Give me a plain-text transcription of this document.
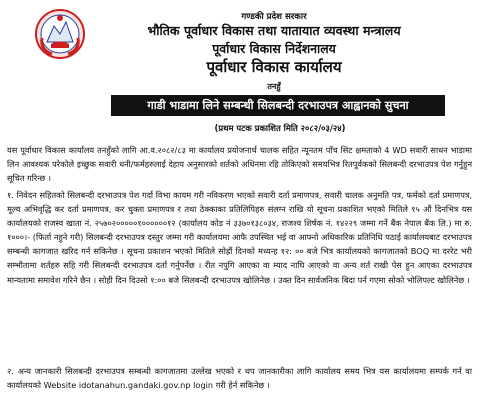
गण्डकी प्रदेश सरकार
भौतिक पूर्वाधार विकास तथा यातायात व्यवस्था मन्त्रालय
पूर्वाधार विकास निर्देशनालय
पूर्वाधार विकास कार्यालय
तनहुँ
गाडी भाडामा लिने सम्बन्धी सिलबन्दी दरभाउपत्र आह्वानको सुचना
(प्रथम पटक प्रकाशित मिति २०८२/०३/२४)
यस पूर्वाधार विकास कार्यालय तनहुँको लागि आ.व.२०८२/८३ मा कार्यालय प्रयोजनार्थ चालक सहित न्यूनतम पाँच सिट क्षमताको 4 WD सवारी साधन भाडामा लिन आवश्यक परेकोले इच्छुक सवारी धनी/फर्महरुलाई देहाय अनुसारको शर्तको अधिनमा रहि तोकिएको समयभित्र रितपूर्वकको सिलबन्दी दरभाउपत्र पेश गर्नुहुन सूचित गरिन्छ ।
१. निवेदन सहितको सिलबन्दी दरभाउपत्र पेश गर्दा विभा कायम गरी नविकरण भएको सवारी दर्ता प्रमाणपत्र, सवारी चालक अनुमति पत्र, फर्मको दर्ता प्रमाणपत्र, मूल्य अभिवृद्धि कर दर्ता प्रमाणपत्र, कर चुक्ता प्रमाणपत्र र तथा ठेक्काका प्रतिलिपिहरु संलग्न राखि यो सूचना प्रकाशित भएको मितिले १५ औं दिनभित्र यस कार्यालयको राजस्व खाता नं. २५७०२०००००१००००००१२ (कार्यालय कोड नं ३३७०१३८०३४, राजश्व शिर्षक नं. १४२२९ जम्मा गर्ने बैंक नेपाल बैंक लि.) मा रु. १०००।- (फिर्ता नहुने गरी) सिलबन्दी दरभाउपत्र दस्तुर जम्मा गरी कार्यालयमा आफै उपस्थित भई वा आफ्नो अधिकारिक प्रतिनिधि पठाई कार्यालयबाट दरभाउपत्र सम्बन्धी कागजात खरिद गर्न सकिनेछ । सूचना प्रकाशन भएको मितिले सोह्रौं दिनको मध्यन्ह १२: ०० बजे भित्र कार्यालयको कागजातको BOQ मा दररेट भरी सम्भौतामा शर्तहरु सहि गरी सिलबन्दी दरभाउपत्र दर्ता गर्नुपर्नेछ । रीत नपुगि आएका वा म्याद नाघि आएको वा अन्य शर्त राखी पेस हुन आएका दरभाउपत्र मान्यतामा समावेश गरिने छैन । सोही दिन दिउसो १:०० बजे सिलबन्दी दरभाउपत्र खोलिनेछ । उक्त दिन सार्वजनिक बिदा पर्न गएमा सोको भोलिपल्ट खोलिनेछ ।
२. अन्य जानकारी सिलबन्दी दरभाउपत्र सम्बन्धी कागजातमा उल्लेख भएको र थप जानकारीका लागि कार्यालय समय भित्र यस कार्यालयमा सम्पर्क गर्न वा कार्यालयको Website idotanahun.gandaki.gov.np login गरी हेर्न सकिनेछ ।
